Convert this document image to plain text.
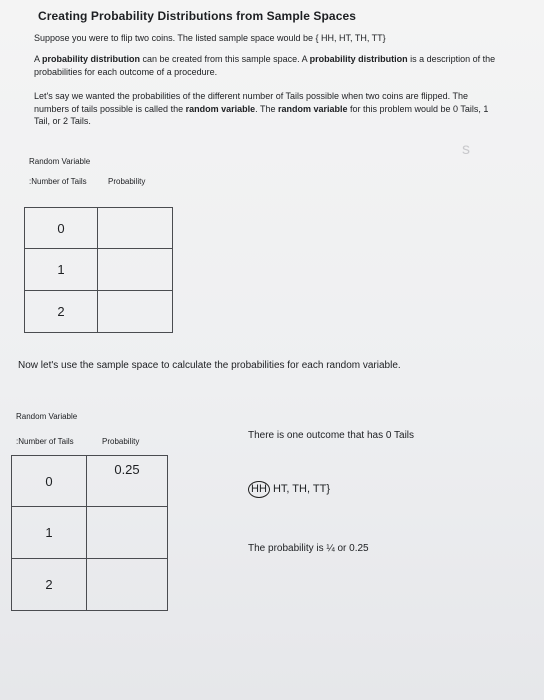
Creating Probability Distributions from Sample Spaces
Suppose you were to flip two coins. The listed sample space would be { HH, HT, TH, TT}
A probability distribution can be created from this sample space. A probability distribution is a description of the probabilities for each outcome of a procedure.
Let's say we wanted the probabilities of the different number of Tails possible when two coins are flipped. The numbers of tails possible is called the random variable. The random variable for this problem would be 0 Tails, 1 Tail, or 2 Tails.
s
Random Variable
:Number of Tails	Probability
0	
1	
2	
Now let's use the sample space to calculate the probabilities for each random variable.
Random Variable
:Number of Tails	Probability
0	0.25
1	
2	
There is one outcome that has 0 Tails
HH HT, TH, TT}
The probability is ¼ or 0.25
